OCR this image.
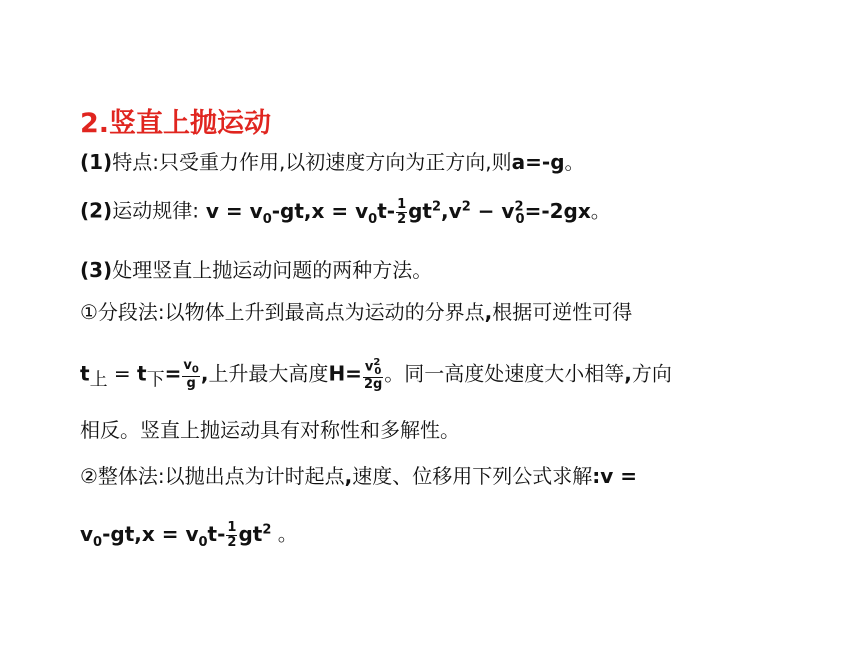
2.竖直上抛运动
(1)特点:只受重力作用,以初速度方向为正方向,则a=-g。
(2)运动规律: $v = v_0-gt,x = v_0t- \frac{1}{2} gt^2,v^2 - v^2_0=-2gx$。
(3)处理竖直上抛运动问题的两种方法。
①分段法:以物体上升到最高点为运动的分界点,根据可逆性可得
t上 = t下= $\frac{v_0}{g}$ ,上升最大高度$H= \frac{v^2_0}{2g}$ 。同一高度处速度大小相等,方向
相反。竖直上抛运动具有对称性和多解性。
②整体法:以抛出点为计时起点,速度、位移用下列公式求解:v =
$v_0-gt,x = v_0t- \frac{1}{2} gt^2$ 。
